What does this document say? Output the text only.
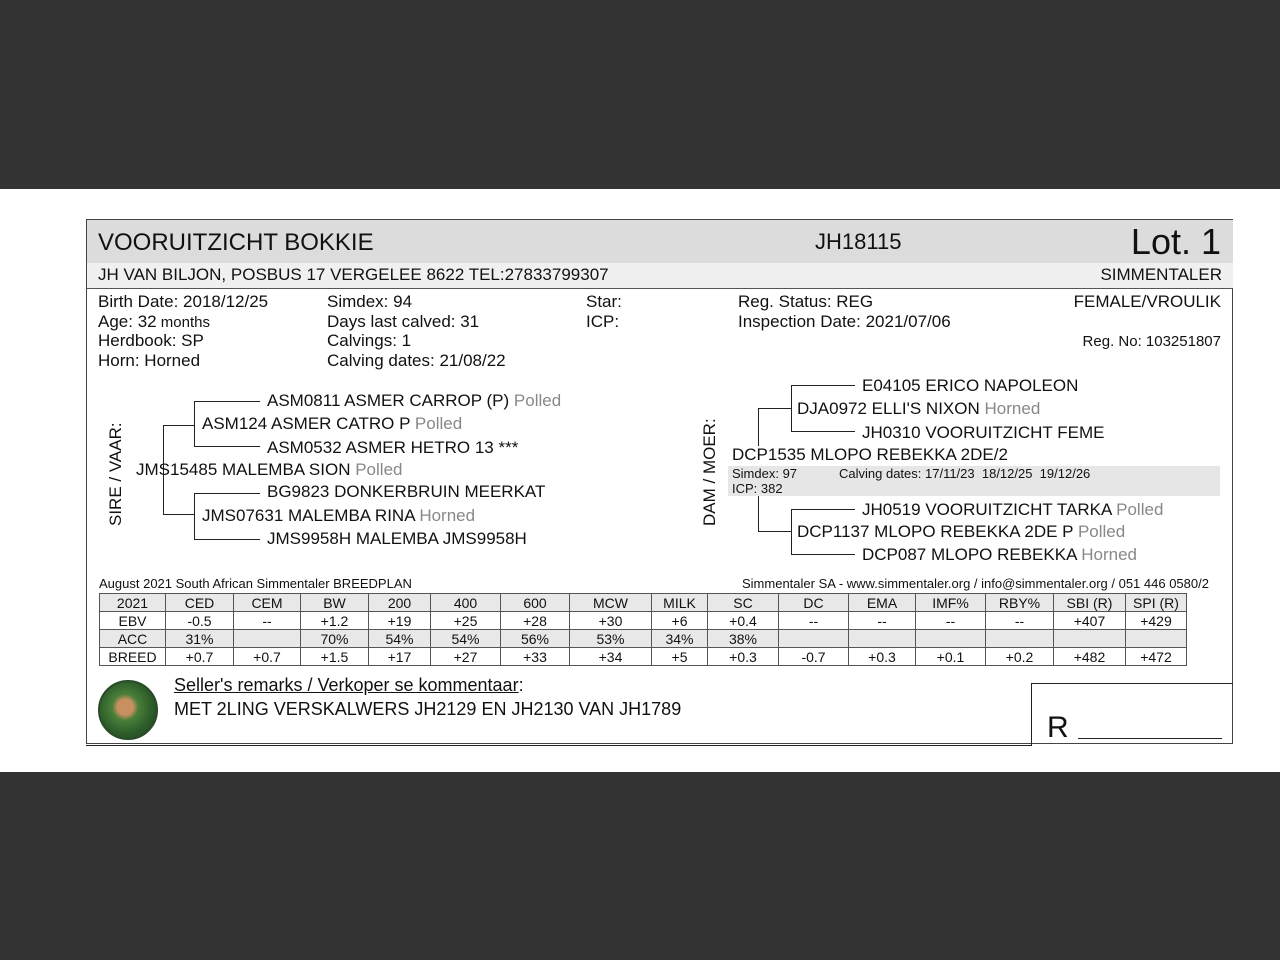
VOORUITZICHT BOKKIE	JH18115	Lot. 1
JH VAN BILJON, POSBUS 17 VERGELEE 8622 TEL:27833799307	SIMMENTALER
Birth Date: 2018/12/25
Age: 32 months
Herdbook: SP
Horn: Horned
Simdex: 94
Days last calved: 31
Calvings: 1
Calving dates: 21/08/22
Star:
ICP:
Reg. Status: REG
Inspection Date: 2021/07/06
FEMALE/VROULIK
Reg. No: 103251807
SIRE / VAAR:
ASM0811 ASMER CARROP (P) Polled
ASM124 ASMER CATRO P Polled
ASM0532 ASMER HETRO 13 ***
JMS15485 MALEMBA SION Polled
BG9823 DONKERBRUIN MEERKAT
JMS07631 MALEMBA RINA Horned
JMS9958H MALEMBA JMS9958H
DAM / MOER:
E04105 ERICO NAPOLEON
DJA0972 ELLI'S NIXON Horned
JH0310 VOORUITZICHT FEME
DCP1535 MLOPO REBEKKA 2DE/2
Simdex: 97	Calving dates: 17/11/23  18/12/25  19/12/26
ICP: 382
JH0519 VOORUITZICHT TARKA Polled
DCP1137 MLOPO REBEKKA 2DE P Polled
DCP087 MLOPO REBEKKA Horned
August 2021 South African Simmentaler BREEDPLAN	Simmentaler SA - www.simmentaler.org / info@simmentaler.org / 051 446 0580/2
2021	CED	CEM	BW	200	400	600	MCW	MILK	SC	DC	EMA	IMF%	RBY%	SBI (R)	SPI (R)
EBV	-0.5	--	+1.2	+19	+25	+28	+30	+6	+0.4	--	--	--	--	+407	+429
ACC	31%		70%	54%	54%	56%	53%	34%	38%						
BREED	+0.7	+0.7	+1.5	+17	+27	+33	+34	+5	+0.3	-0.7	+0.3	+0.1	+0.2	+482	+472
Seller's remarks / Verkoper se kommentaar:
MET 2LING VERSKALWERS JH2129 EN JH2130 VAN JH1789
R
